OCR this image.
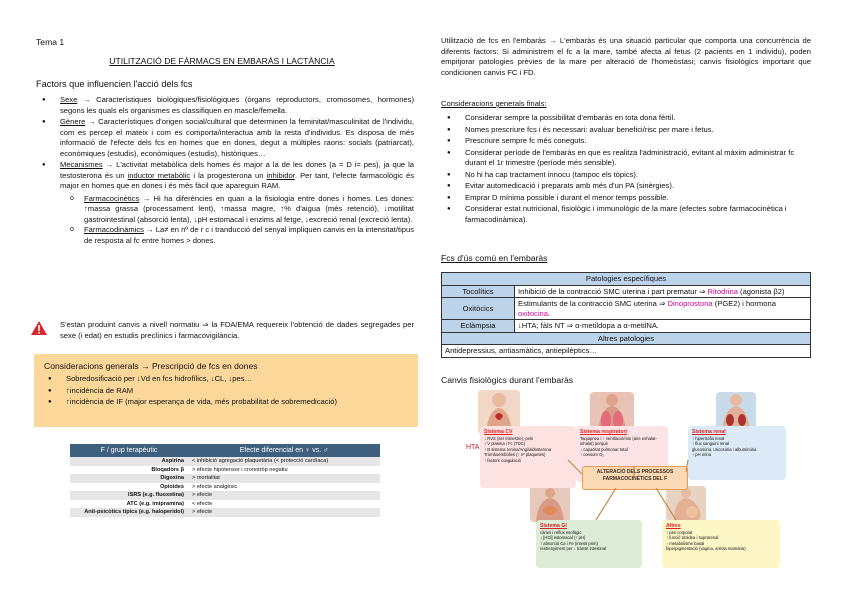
Tema 1
UTILITZACIÓ DE FÀRMACS EN EMBARÀS I LACTÀNCIA
Factors que influencien l'acció dels fcs
● Sexe → Característiques biològiques/fisiològiques (òrgans reproductors, cromosomes, hormones) segons les quals els organismes es classifiquen en mascle/femella.
● Gènere → Característiques d'origen social/cultural que determinen la feminitat/masculinitat de l'individu, com es percep el mateix i com es comporta/interactua amb la resta d'individus. Es disposa de més informació de l'efecte dels fcs en homes que en dones, degut a múltiples raons: socials (patriarcat), econòmiques (estudis), econòmiques (estudis), històriques…
● Mecanismes → L'activitat metabòlica dels homes és major a la de les dones (a = D i= pes), ja que la testosterona és un inductor metabòlic i la progesterona un inhibidor. Per tant, l'efecte farmacològic és major en homes que en dones i és més fàcil que apareguin RAM.
o Farmacocinètics → Hi ha diferències en quan a la fisiologia entre dones i homes. Les dones: ↑massa grassa (processament lent), ↑massa magre, ↑% d'aigua (més retenció), ↓motilitat gastrointestinal (absorció lenta), ↓pH estomacal i enzims al fetge, ↓excreció renal (excreció lenta).
o Farmacodinàmics → La≠ en nº de r c i tranducció del senyal impliquen canvis en la intensitat/tipus de resposta al fc entre homes > dones.
S'estan produint canvis a nivell normatiu ⇒ la FDA/EMA requereix l'obtenció de dades segregades per sexe (i edat) en estudis preclínics i farmacovigilància.
Consideracions generals → Prescripció de fcs en dones
● Sobredosificació per ↓Vd en fcs hidrofílics, ↓CL, ↓pes…
● ↑incidència de RAM
● ↑incidència de IF (major esperança de vida, més probabilitat de sobremedicació)
F / grup terapèutic	Efecte diferencial en ♀ vs. ♂
Aspirina	< inhibició agregació plaquetària (< protecció cardíaca)
Bloqadors β	> efecte hipotensor i cronotròp negatiu
Digoxina	> mortalitat
Opioides	> efecte analgèsic
ISRS (e.g. fluoxetina)	> efecte
ATC (e.g. imipramina)	< efecte
Anti-psicòtics típics (e.g. haloperidol)	> efecte
Utilització de fcs en l'embaràs → L'embaràs és una situació particular que comporta una concurrència de diferents factors: Si administrem el fc a la mare, també afecta al fetus (2 pacients en 1 individu), poden empitjorar patologies prèvies de la mare per alteració de l'homeòstasi; canvis fisiològics important que condicionen canvis FC i FD.
Consideracions generals finals:
● Considerar sempre la possibilitat d'embaràs en tota dona fèrtil.
● Nomes prescriure fcs i és necessari: avaluar benefici/risc per mare i fetus.
● Prescriure sempre fc més coneguts.
● Considerar període de l'embaràs en que es realitza l'administració, evitant al màxim administrar fc durant el 1r trimestre (període més sensible).
● No hi ha cap tractament innocu (tampoc els tòpics).
● Evitar automedicació i preparats amb més d'un PA (sinèrgies).
● Emprar D mínima possible i durant el menor temps possible.
● Considerar estat nutricional, fisiològic i immunològic de la mare (efectes sobre farmacocinètica i farmacodinàmica).
Fcs d'ús comú en l'embaràs
Patologies específiques	
Tocolítics	Inhibició de la contracció SMC uterina i part prematur ⇒ Ritodrina (agonista β2)
Oxitòcics	Estimulants de la contracció SMC uterina ⇒ Dinoprostona (PGE2) i hormona oxitocina.
Eclàmpsia	↓HTA; fàls NT ⇒ α-metildopa a α-metilNA.
Altres patologies	
Antidepressius, antiasmàtics, antiepilèptics…	
Canvis fisiològics durant l'embaràs
HTA
Sistema CV
↓ RVS (ser trimestre), pels
↑ V plasma i Fc (TDC)
↑ B sistema renina/Angi/aldosterona
Tromboembòlies (↑ nº plaquetes)
↑ factors coagulació
Sistema respiratori
Taquipnea i ↑ ventilació/min (aire exhalat-inhalat) perquè
↓ capacitat pulmonar total
↑ consum O₂
Sistema renal
↑ hipertrofia renal
↑ flux sanguini renal
glucosúria, uricosúria i albuminúria
↑ pH orina
ALTERACIÓ DELS PROCESSOS FARMACOCINÈTICS DEL F
Sistema GI
càries i reflux esofàgic
↓ [HCl] estomacal (↑ pH)
↑ absorció Ca i Fe (intesti prim)
restrenyiment per ↓ trànsit intestinal
Altres
↑ pes corporal
↑ funció tiroidea i suprarenal
↑ metabolisme basal
hiperpigmentació (vagina, aréola mamària)
